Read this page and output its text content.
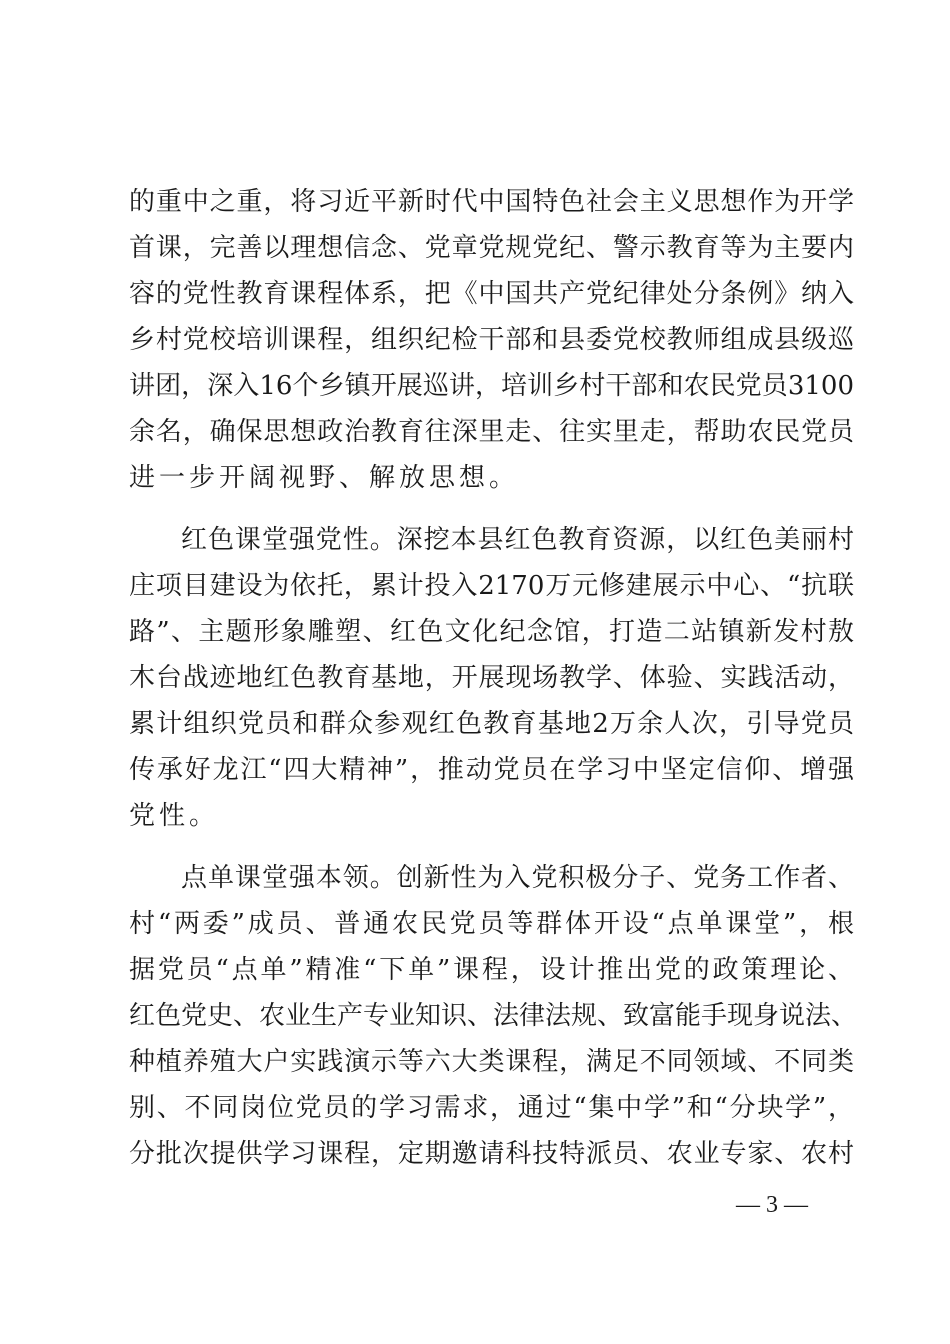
的重中之重，将习近平新时代中国特色社会主义思想作为开学
首课，完善以理想信念、党章党规党纪、警示教育等为主要内
容的党性教育课程体系，把《中国共产党纪律处分条例》纳入
乡村党校培训课程，组织纪检干部和县委党校教师组成县级巡
讲团，深入16个乡镇开展巡讲，培训乡村干部和农民党员3100
余名，确保思想政治教育往深里走、往实里走，帮助农民党员
进一步开阔视野、解放思想。
红色课堂强党性。深挖本县红色教育资源，以红色美丽村
庄项目建设为依托，累计投入2170万元修建展示中心、“抗联
路”、主题形象雕塑、红色文化纪念馆，打造二站镇新发村敖
木台战迹地红色教育基地，开展现场教学、体验、实践活动，
累计组织党员和群众参观红色教育基地2万余人次，引导党员
传承好龙江“四大精神”，推动党员在学习中坚定信仰、增强
党性。
点单课堂强本领。创新性为入党积极分子、党务工作者、
村“两委”成员、普通农民党员等群体开设“点单课堂”，根
据党员“点单”精准“下单”课程，设计推出党的政策理论、
红色党史、农业生产专业知识、法律法规、致富能手现身说法、
种植养殖大户实践演示等六大类课程，满足不同领域、不同类
别、不同岗位党员的学习需求，通过“集中学”和“分块学”，
分批次提供学习课程，定期邀请科技特派员、农业专家、农村
— 3 —
